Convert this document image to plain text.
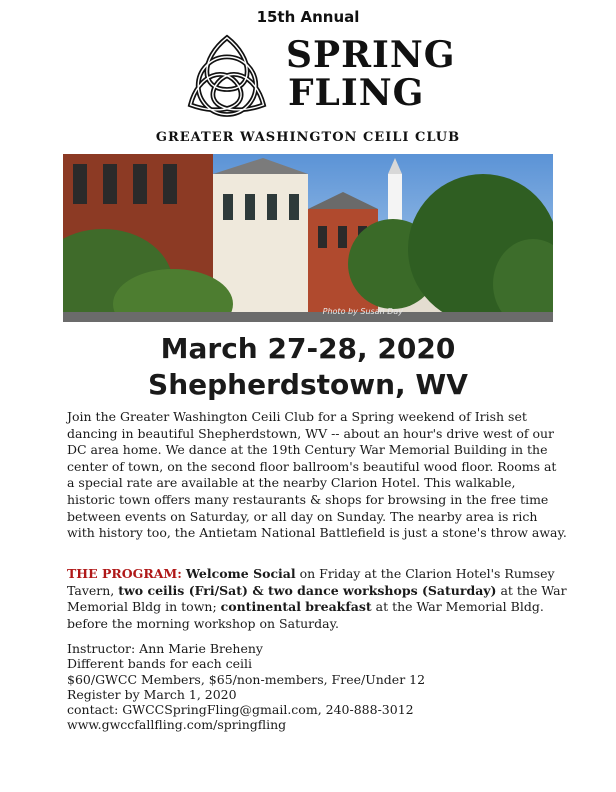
15th Annual
SPRING
FLING
GREATER WASHINGTON CEILI CLUB
Photo by Susan Day
March 27-28, 2020
Shepherdstown, WV
Join the Greater Washington Ceili Club for a Spring weekend of Irish set dancing in beautiful Shepherdstown, WV -- about an hour's drive west of our DC area home. We dance at the 19th Century War Memorial Building in the center of town, on the second floor ballroom's beautiful wood floor. Rooms at a special rate are available at the nearby Clarion Hotel. This walkable, historic town offers many restaurants & shops for browsing in the free time between events on Saturday, or all day on Sunday. The nearby area is rich with history too, the Antietam National Battlefield is just a stone's throw away.
THE PROGRAM: Welcome Social on Friday at the Clarion Hotel's Rumsey Tavern, two ceilis (Fri/Sat) & two dance workshops (Saturday) at the War Memorial Bldg in town; continental breakfast at the War Memorial Bldg. before the morning workshop on Saturday.
Instructor: Ann Marie Breheny
Different bands for each ceili
$60/GWCC Members, $65/non-members, Free/Under 12
Register by March 1, 2020
contact: GWCCSpringFling@gmail.com, 240-888-3012
www.gwccfallfling.com/springfling
